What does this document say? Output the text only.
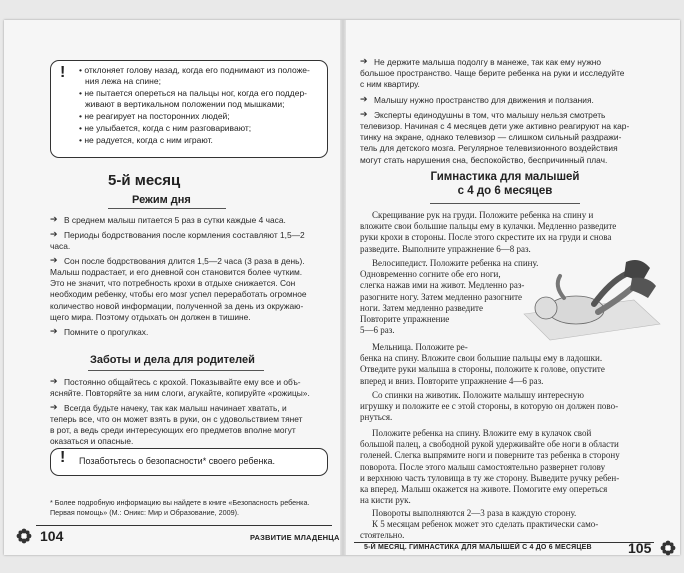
! • отклоняет голову назад, когда его поднимают из положе-
ния лежа на спине;
• не пытается опереться на пальцы ног, когда его поддер-
живают в вертикальном положении под мышками;
• не реагирует на посторонних людей;
• не улыбается, когда с ним разговаривают;
• не радуется, когда с ним играют.
5-й месяц
Режим дня
➔ В среднем малыш питается 5 раз в сутки каждые 4 часа.
➔ Периоды бодрствования после кормления составляют 1,5—2
часа.
➔ Сон после бодрствования длится 1,5—2 часа (3 раза в день).
Малыш подрастает, и его дневной сон становится более чутким.
Это не значит, что потребность крохи в отдыхе снижается. Сон
необходим ребенку, чтобы его мозг успел переработать огромное
количество новой информации, полученной за день из окружаю-
щего мира. Поэтому отдыхать он должен в тишине.
➔ Помните о прогулках.
Заботы и дела для родителей
➔ Постоянно общайтесь с крохой. Показывайте ему все и объ-
ясняйте. Повторяйте за ним слоги, агукайте, копируйте «рожицы».
➔ Всегда будьте начеку, так как малыш начинает хватать, и
теперь все, что он может взять в руки, он с удовольствием тянет
в рот, а ведь среди интересующих его предметов вполне могут
оказаться и опасные.
! Позаботьтесь о безопасности* своего ребенка.
* Более подробную информацию вы найдете в книге «Безопасность ребенка.
Первая помощь» (М.: Оникс: Мир и Образование, 2009).
104	РАЗВИТИЕ МЛАДЕНЦА
➔ Не держите малыша подолгу в манеже, так как ему нужно
большое пространство. Чаще берите ребенка на руки и исследуйте
с ним квартиру.
➔ Малышу нужно пространство для движения и ползания.
➔ Эксперты единодушны в том, что малышу нельзя смотреть
телевизор. Начиная с 4 месяцев дети уже активно реагируют на кар-
тинку на экране, однако телевизор — слишком сильный раздражи-
тель для детского мозга. Регулярное телевизионного воздействия
могут стать нарушения сна, беспокойство, беспричинный плач.
Гимнастика для малышей
с 4 до 6 месяцев
Скрещивание рук на груди. Положите ребенка на спину и
вложите свои большие пальцы ему в кулачки. Медленно разведите
руки крохи в стороны. После этого скрестите их на груди и снова
разведите. Выполните упражнение 6—8 раз.
Велосипедист. Положите ребенка на спину.
Одновременно согните обе его ноги,
слегка нажав ими на живот. Медленно раз-
разогните ногу. Затем медленно разогните
ноги. Затем медленно разведите
Повторите упражнение
5—6 раз.
Мельница. Положите ре-
бенка на спину. Вложите свои большие пальцы ему в ладошки.
Отведите руки малыша в стороны, положите к голове, опустите
вперед и вниз. Повторите упражнение 4—6 раз.
Со спинки на животик. Положите малышу интересную
игрушку и положите ее с этой стороны, в которую он должен пово-
рнуться.
Положите ребенка на спину. Вложите ему в кулачок свой
большой палец, а свободной рукой удерживайте обе ноги в области
голеней. Слегка выпрямите ноги и поверните таз ребенка в сторону
поворота. После этого малыш самостоятельно развернет голову
и верхнюю часть туловища в ту же сторону. Выведите ручку ребен-
ка вперед. Малыш окажется на животе. Помогите ему опереться
на кисти рук.
Повороты выполняются 2—3 раза в каждую сторону.
К 5 месяцам ребенок может это сделать практически само-
стоятельно.
5-Й МЕСЯЦ. ГИМНАСТИКА ДЛЯ МАЛЫШЕЙ С 4 ДО 6 МЕСЯЦЕВ	105
